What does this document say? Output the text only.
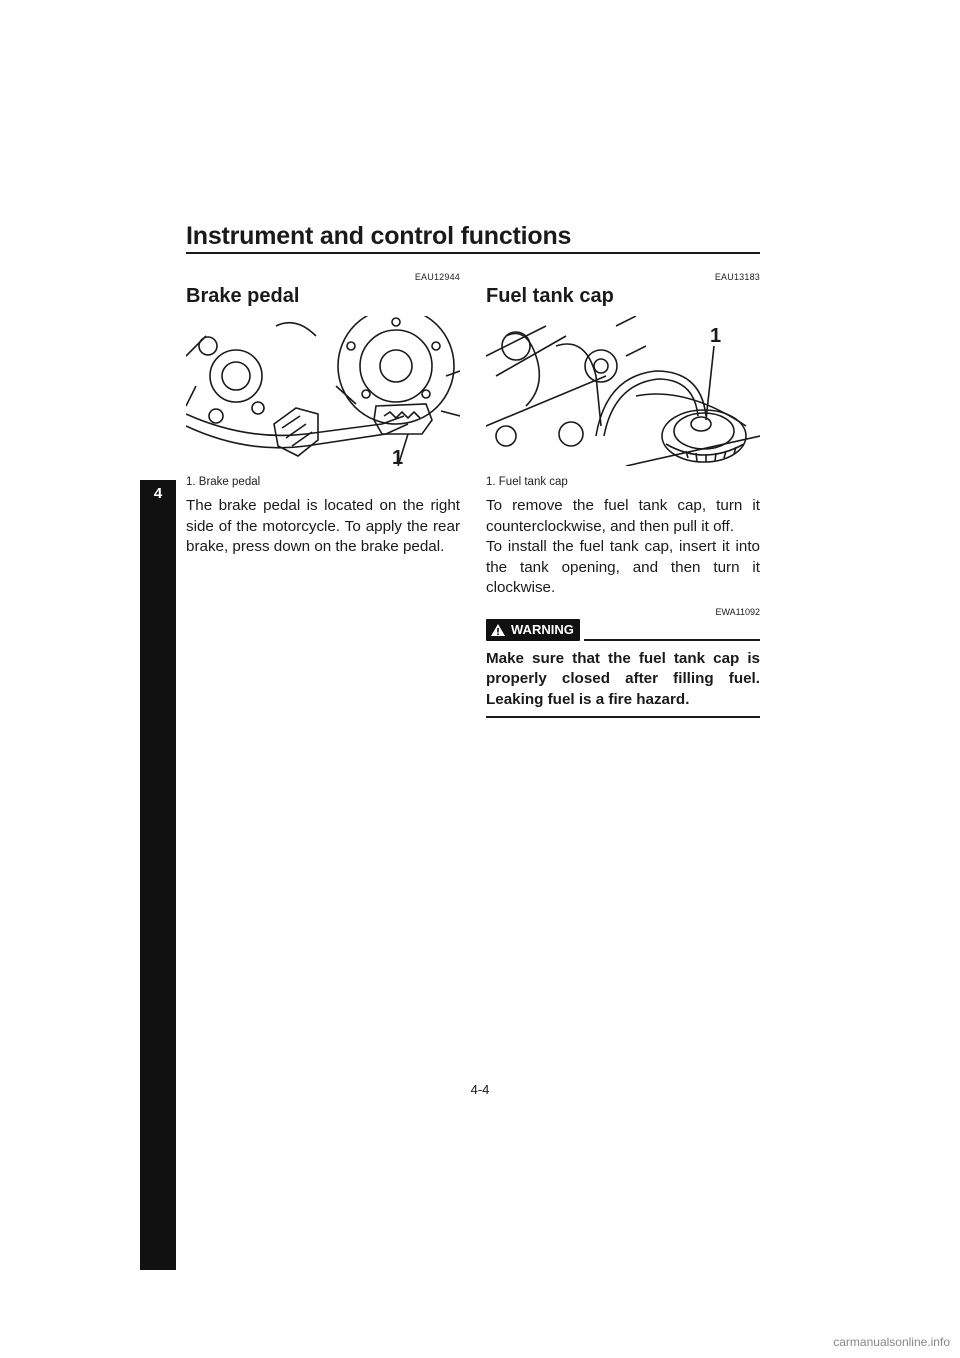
Instrument and control functions
4
EAU12944
Brake pedal
1
1. Brake pedal

The brake pedal is located on the right side of the motorcycle. To apply the rear brake, press down on the brake pedal.

EAU13183
Fuel tank cap
1
1. Fuel tank cap

To remove the fuel tank cap, turn it counterclockwise, and then pull it off.

To install the fuel tank cap, insert it into the tank opening, and then turn it clockwise.

EWA11092
WARNING

Make sure that the fuel tank cap is properly closed after filling fuel. Leaking fuel is a fire hazard.

4-4
carmanualsonline.info
